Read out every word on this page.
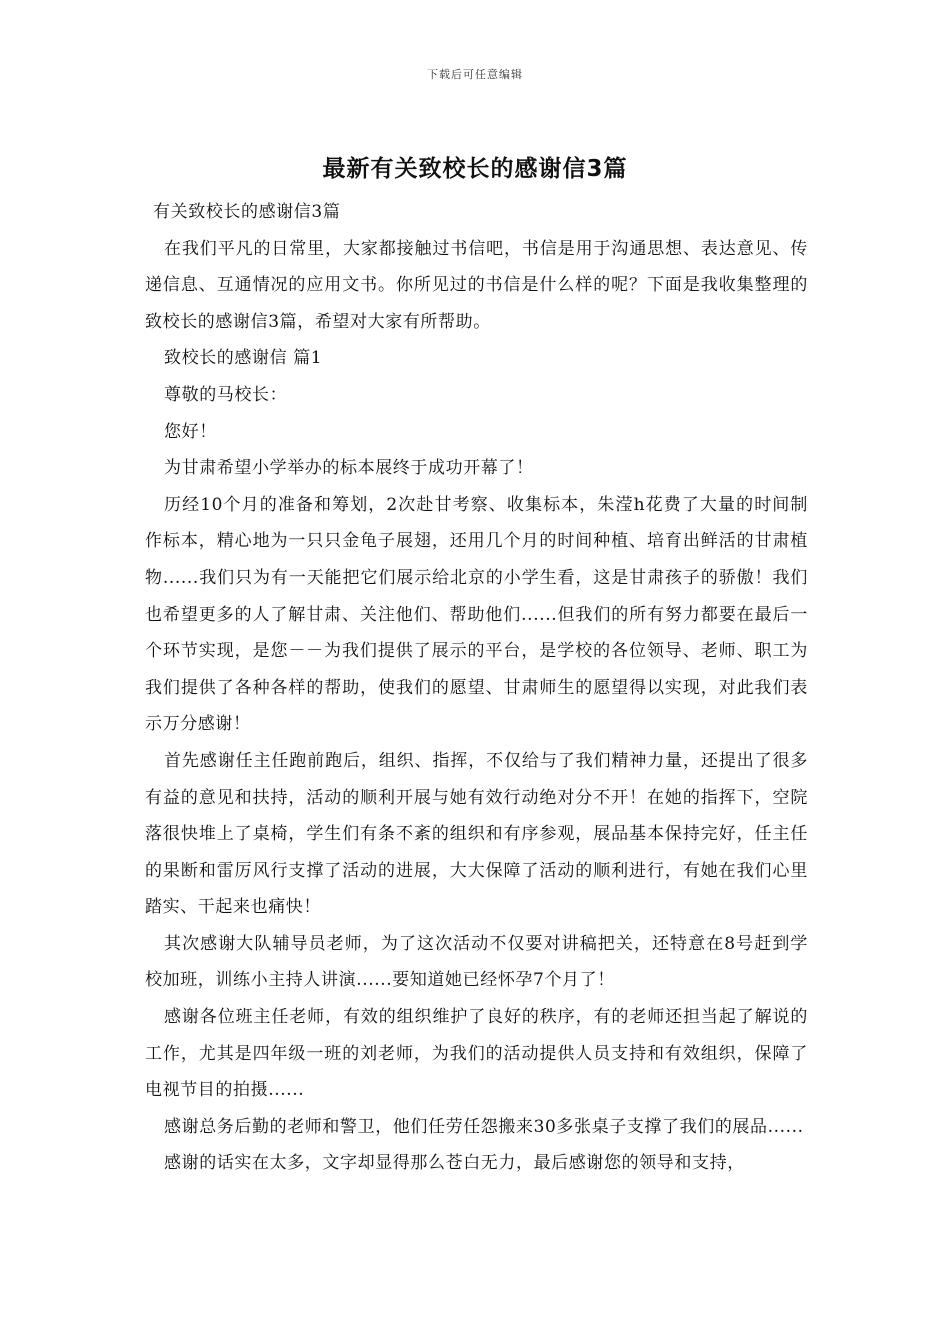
下载后可任意编辑
最新有关致校长的感谢信3篇

有关致校长的感谢信3篇

在我们平凡的日常里，大家都接触过书信吧，书信是用于沟通思想、表达意见、传递信息、互通情况的应用文书。你所见过的书信是什么样的呢？下面是我收集整理的致校长的感谢信3篇，希望对大家有所帮助。

致校长的感谢信 篇1

尊敬的马校长：

您好！

为甘肃希望小学举办的标本展终于成功开幕了！

历经10个月的准备和筹划，2次赴甘考察、收集标本，朱滢h花费了大量的时间制作标本，精心地为一只只金龟子展翅，还用几个月的时间种植、培育出鲜活的甘肃植物......我们只为有一天能把它们展示给北京的小学生看，这是甘肃孩子的骄傲！我们也希望更多的人了解甘肃、关注他们、帮助他们......但我们的所有努力都要在最后一个环节实现，是您－－为我们提供了展示的平台，是学校的各位领导、老师、职工为我们提供了各种各样的帮助，使我们的愿望、甘肃师生的愿望得以实现，对此我们表示万分感谢！

首先感谢任主任跑前跑后，组织、指挥，不仅给与了我们精神力量，还提出了很多有益的意见和扶持，活动的顺利开展与她有效行动绝对分不开！在她的指挥下，空院落很快堆上了桌椅，学生们有条不紊的组织和有序参观，展品基本保持完好，任主任的果断和雷厉风行支撑了活动的进展，大大保障了活动的顺利进行，有她在我们心里踏实、干起来也痛快！

其次感谢大队辅导员老师，为了这次活动不仅要对讲稿把关，还特意在8号赶到学校加班，训练小主持人讲演......要知道她已经怀孕7个月了！

感谢各位班主任老师，有效的组织维护了良好的秩序，有的老师还担当起了解说的工作，尤其是四年级一班的刘老师，为我们的活动提供人员支持和有效组织，保障了电视节目的拍摄......

感谢总务后勤的老师和警卫，他们任劳任怨搬来30多张桌子支撑了我们的展品......

感谢的话实在太多，文字却显得那么苍白无力，最后感谢您的领导和支持，
